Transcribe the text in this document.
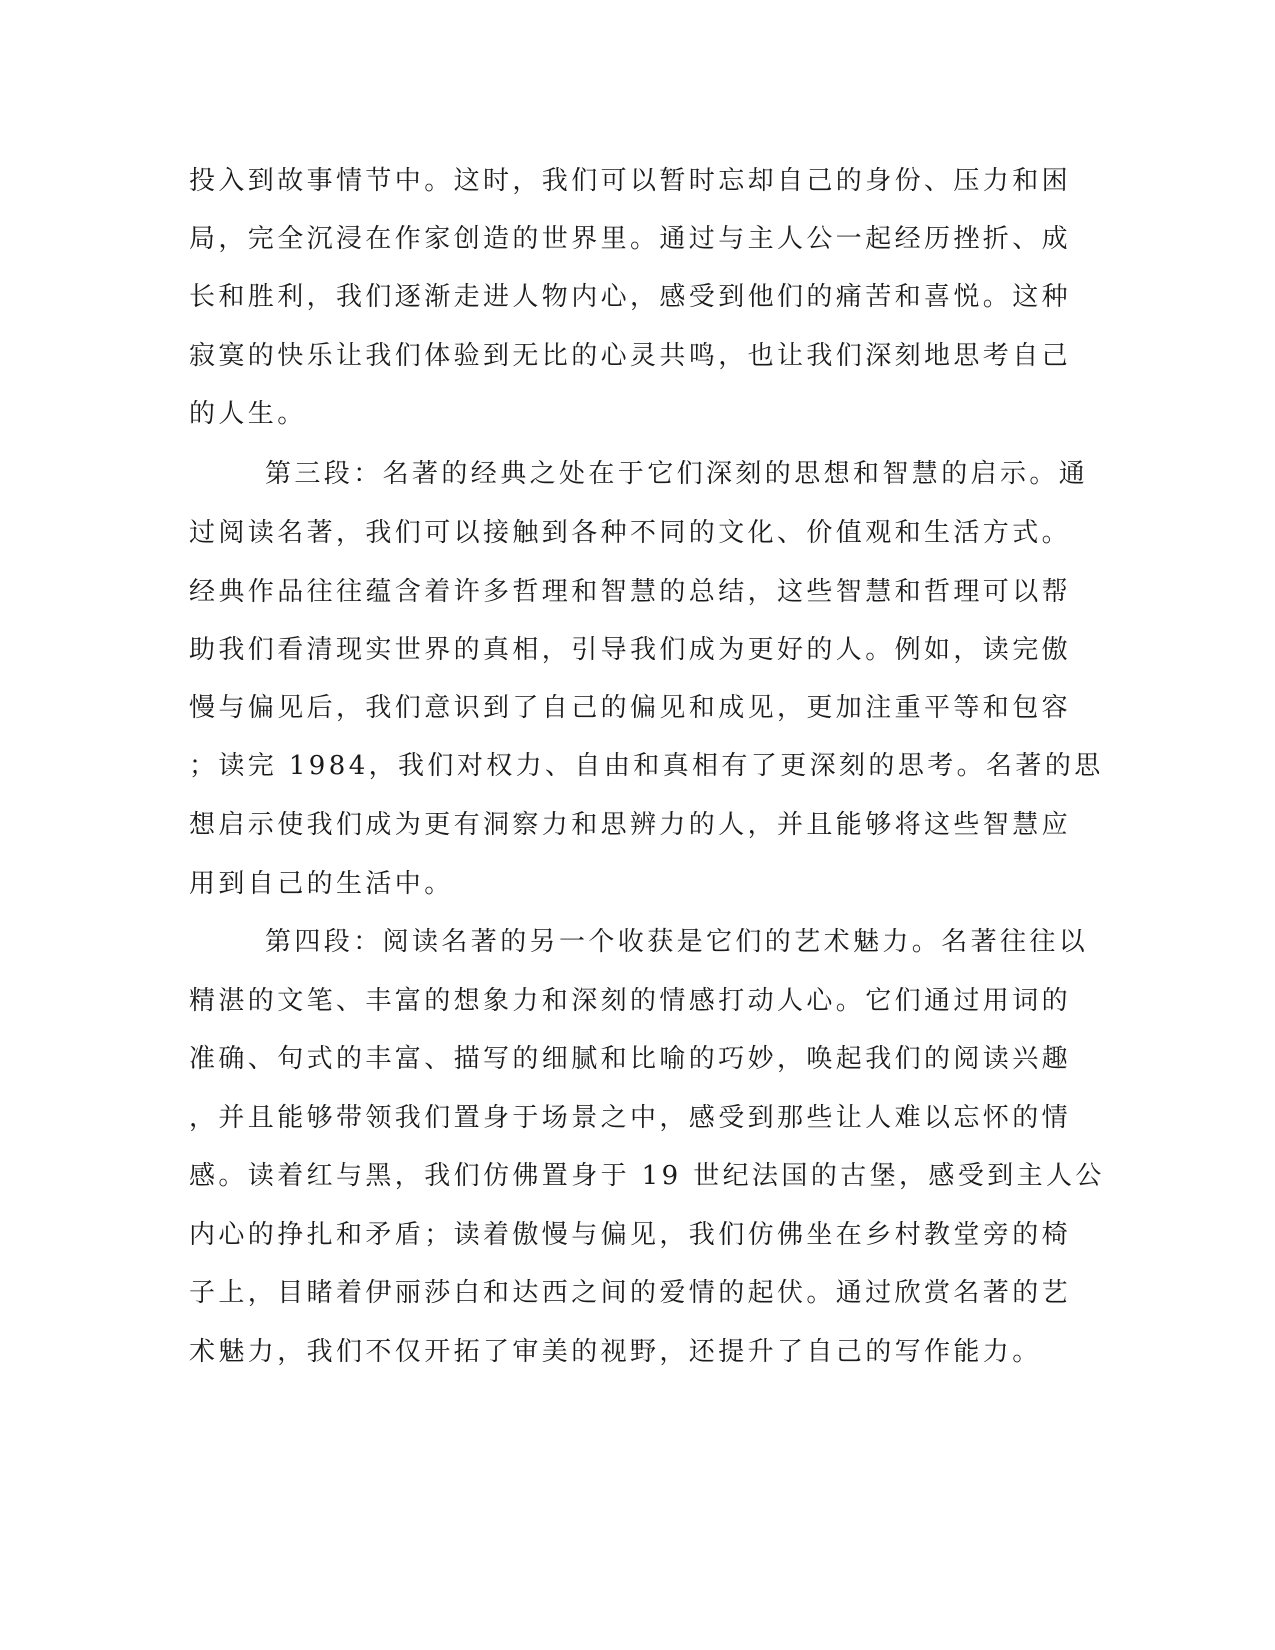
投入到故事情节中。这时，我们可以暂时忘却自己的身份、压力和困
局，完全沉浸在作家创造的世界里。通过与主人公一起经历挫折、成
长和胜利，我们逐渐走进人物内心，感受到他们的痛苦和喜悦。这种
寂寞的快乐让我们体验到无比的心灵共鸣，也让我们深刻地思考自己
的人生。
第三段：名著的经典之处在于它们深刻的思想和智慧的启示。通
过阅读名著，我们可以接触到各种不同的文化、价值观和生活方式。
经典作品往往蕴含着许多哲理和智慧的总结，这些智慧和哲理可以帮
助我们看清现实世界的真相，引导我们成为更好的人。例如，读完傲
慢与偏见后，我们意识到了自己的偏见和成见，更加注重平等和包容
；读完 1984，我们对权力、自由和真相有了更深刻的思考。名著的思
想启示使我们成为更有洞察力和思辨力的人，并且能够将这些智慧应
用到自己的生活中。
第四段：阅读名著的另一个收获是它们的艺术魅力。名著往往以
精湛的文笔、丰富的想象力和深刻的情感打动人心。它们通过用词的
准确、句式的丰富、描写的细腻和比喻的巧妙，唤起我们的阅读兴趣
，并且能够带领我们置身于场景之中，感受到那些让人难以忘怀的情
感。读着红与黑，我们仿佛置身于 19 世纪法国的古堡，感受到主人公
内心的挣扎和矛盾；读着傲慢与偏见，我们仿佛坐在乡村教堂旁的椅
子上，目睹着伊丽莎白和达西之间的爱情的起伏。通过欣赏名著的艺
术魅力，我们不仅开拓了审美的视野，还提升了自己的写作能力。
